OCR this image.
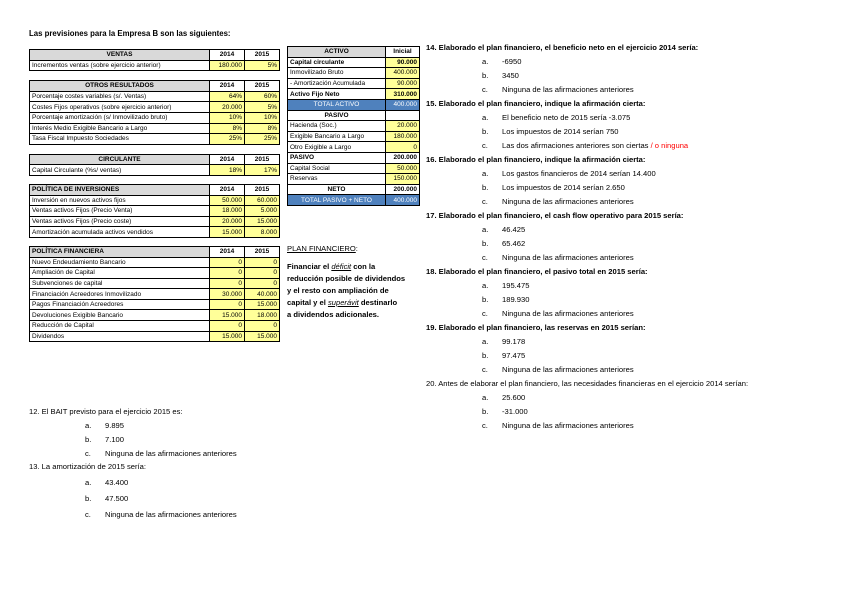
Las previsiones para la Empresa B son las siguientes:
VENTAS	2014	2015
Incrementos ventas (sobre ejercicio anterior)	180.000	5%
OTROS RESULTADOS	2014	2015
Porcentaje costes variables (s/. Ventas)	64%	60%
Costes Fijos operativos (sobre ejercicio anterior)	20.000	5%
Porcentaje amortización (s/ Inmovilizado bruto)	10%	10%
Interés Medio Exigible Bancario a Largo	8%	8%
Tasa Fiscal Impuesto Sociedades	25%	25%
CIRCULANTE	2014	2015
Capital Circulante (%s/ ventas)	18%	17%
POLÍTICA DE INVERSIONES	2014	2015
Inversión en nuevos activos fijos	50.000	60.000
Ventas activos Fijos (Precio Venta)	18.000	5.000
Ventas activos Fijos (Precio coste)	20.000	15.000
Amortización acumulada activos vendidos	15.000	8.000
POLÍTICA FINANCIERA	2014	2015
Nuevo Endeudamiento Bancario	0	0
Ampliación de Capital	0	0
Subvenciones de capital	0	0
Financiación Acreedores Inmovilizado	30.000	40.000
Pagos Financiación Acreedores	0	15.000
Devoluciones Exigible Bancario	15.000	18.000
Reducción de Capital	0	0
Dividendos	15.000	15.000
ACTIVO	Inicial
Capital circulante	90.000
Inmovilizado Bruto	400.000
- Amortización Acumulada	90.000
Activo Fijo Neto	310.000
TOTAL ACTIVO	400.000
PASIVO	
Hacienda (Soc.)	20.000
Exigible Bancario a Largo	180.000
Otro Exigible a Largo	0
PASIVO	200.000
Capital Social	50.000
Reservas	150.000
NETO	200.000
TOTAL PASIVO + NETO	400.000
PLAN FINANCIERO:
Financiar el déficit con la
reducción posible de dividendos
y el resto con ampliación de
capital y el superávit destinarlo
a dividendos adicionales.
14. Elaborado el plan financiero, el beneficio neto en el ejercicio 2014 sería:
a. -6950
b. 3450
c. Ninguna de las afirmaciones anteriores
15. Elaborado el plan financiero, indique la afirmación cierta:
a. El beneficio neto de 2015 sería -3.075
b. Los impuestos de 2014 serían 750
c. Las dos afirmaciones anteriores son ciertas / o ninguna
16. Elaborado el plan financiero, indique la afirmación cierta:
a. Los gastos financieros de 2014 serían 14.400
b. Los impuestos de 2014 serían 2.650
c. Ninguna de las afirmaciones anteriores
17. Elaborado el plan financiero, el cash flow operativo para 2015 sería:
a. 46.425
b. 65.462
c. Ninguna de las afirmaciones anteriores
18. Elaborado el plan financiero, el pasivo total en 2015 sería:
a. 195.475
b. 189.930
c. Ninguna de las afirmaciones anteriores
19. Elaborado el plan financiero, las reservas en 2015 serían:
a. 99.178
b. 97.475
c. Ninguna de las afirmaciones anteriores
20. Antes de elaborar el plan financiero, las necesidades financieras en el ejercicio 2014 serían:
a. 25.600
b. -31.000
c. Ninguna de las afirmaciones anteriores
12. El BAIT previsto para el ejercicio 2015 es:
a. 9.895
b. 7.100
c. Ninguna de las afirmaciones anteriores
13. La amortización de 2015 sería:
a. 43.400
b. 47.500
c. Ninguna de las afirmaciones anteriores
